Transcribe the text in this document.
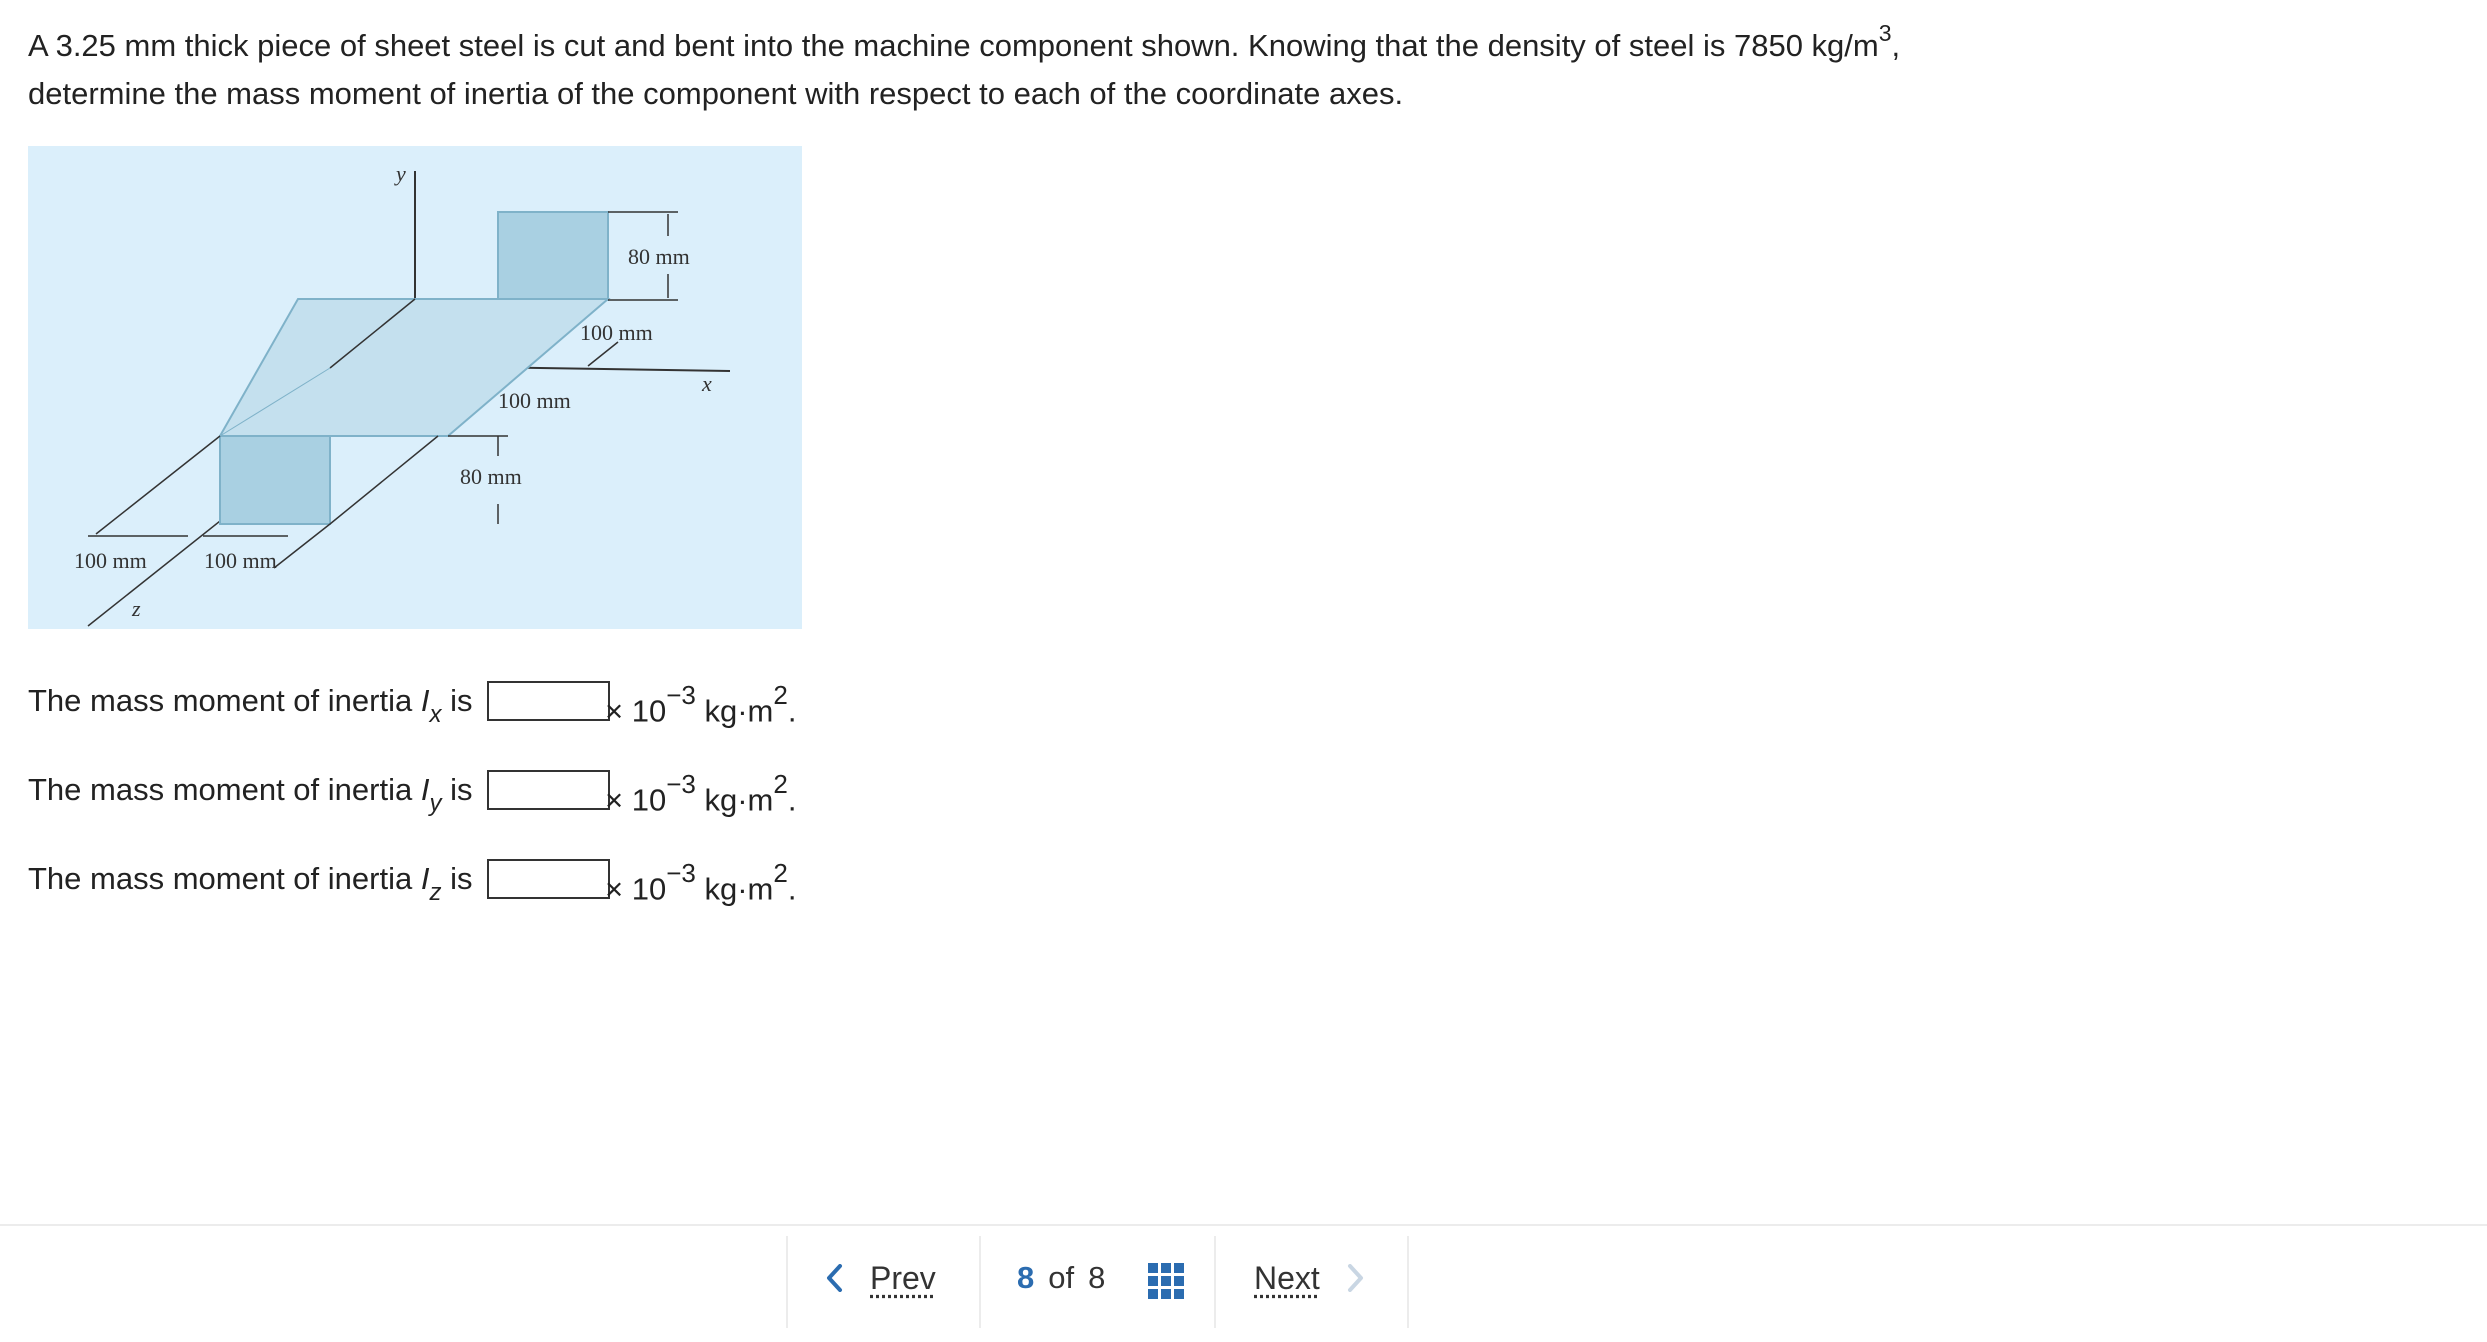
A 3.25 mm thick piece of sheet steel is cut and bent into the machine component shown. Knowing that the density of steel is 7850 $kg/m^3$, determine the mass moment of inertia of the component with respect to each of the coordinate axes.
y
x
z
80 mm
100 mm
100 mm
80 mm
100 mm	100 mm
The mass moment of inertia $I_x$ is	× $10^{-3}$ $kg\cdot m^2$.
The mass moment of inertia $I_y$ is	× $10^{-3}$ $kg\cdot m^2$.
The mass moment of inertia $I_z$ is	× $10^{-3}$ $kg\cdot m^2$.
Prev	8 of 8	Next
